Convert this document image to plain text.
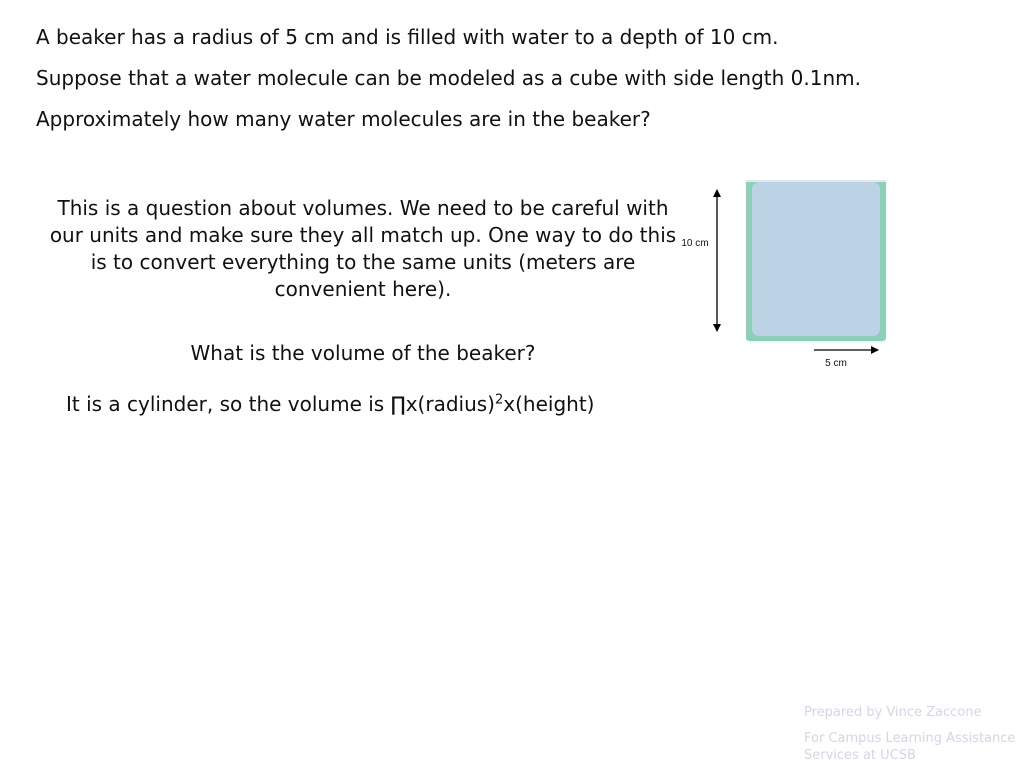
A beaker has a radius of 5 cm and is filled with water to a depth of 10 cm.

Suppose that a water molecule can be modeled as a cube with side length 0.1nm.

Approximately how many water molecules are in the beaker?

This is a question about volumes. We need to be careful with our units and make sure they all match up. One way to do this is to convert everything to the same units (meters are convenient here).

What is the volume of the beaker?

It is a cylinder, so the volume is ∏x(radius)$^2$x(height)

10 cm
5 cm

Prepared by Vince Zaccone

For Campus Learning Assistance Services at UCSB
